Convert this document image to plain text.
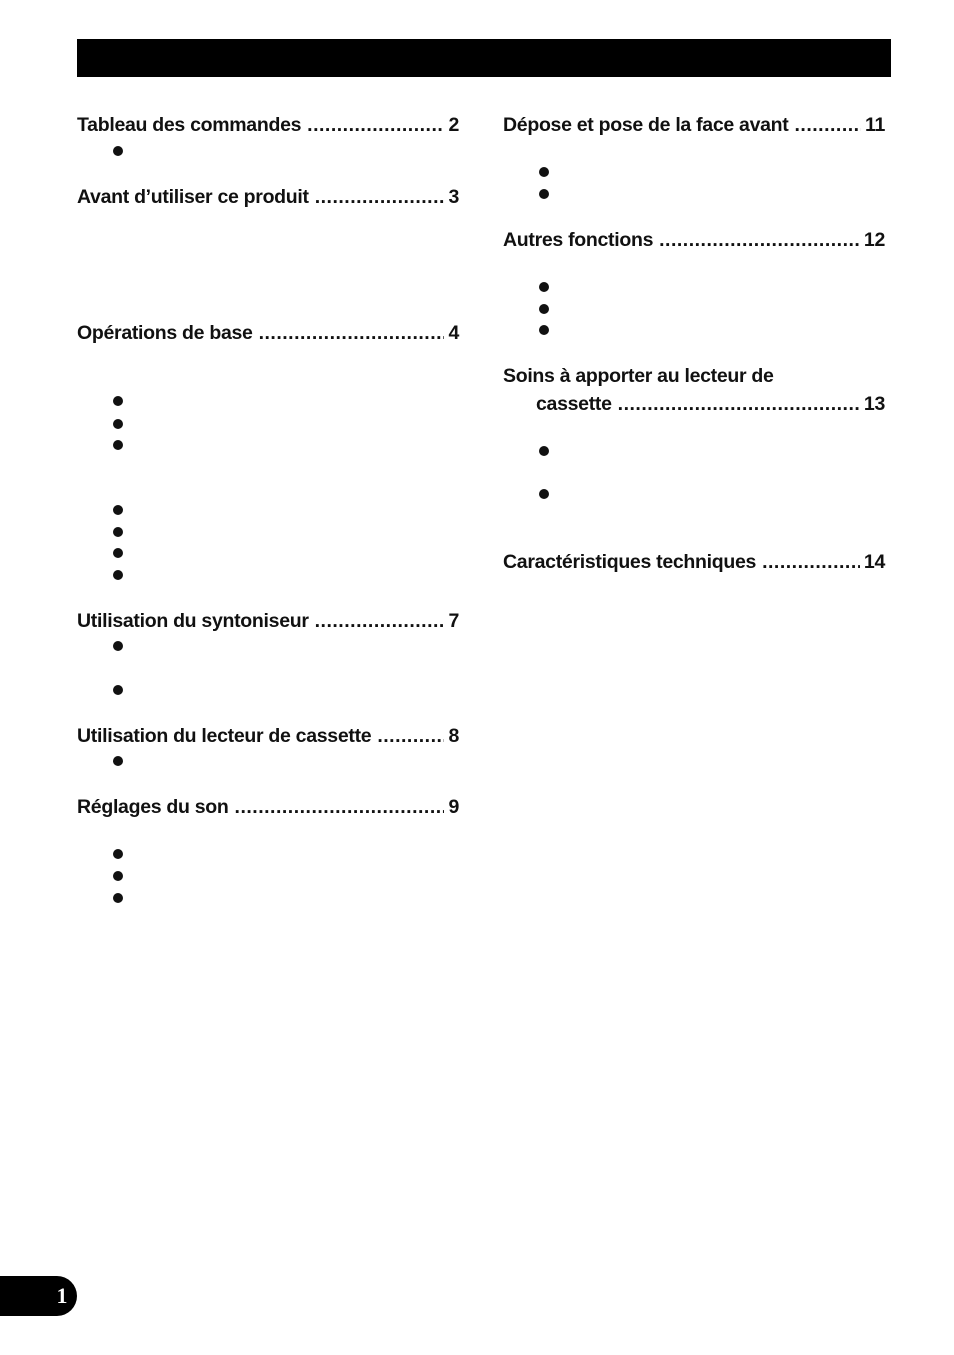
Tableau des commandes .....	2
Avant d’utiliser ce produit .....	3
Opérations de base .....	4
Utilisation du syntoniseur .....	7
Utilisation du lecteur de cassette .....	8
Réglages du son .....	9
Dépose et pose de la face avant .....	11
Autres fonctions .....	12
Soins à apporter au lecteur de
cassette .....	13
Caractéristiques techniques .....	14
1
